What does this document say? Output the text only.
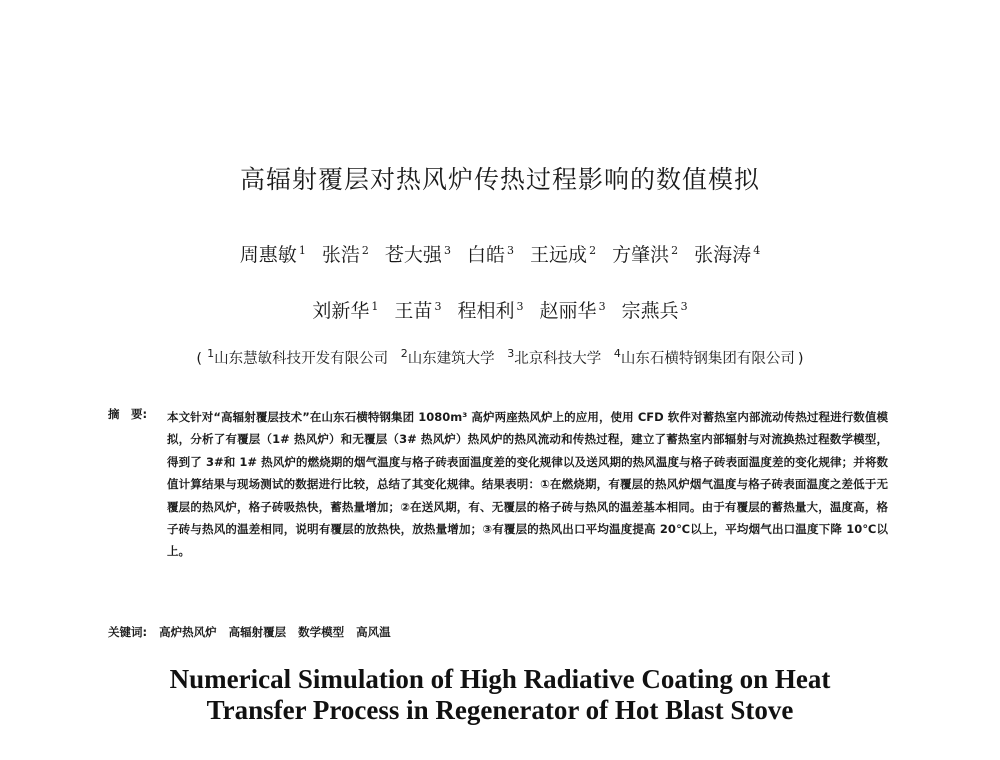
高辐射覆层对热风炉传热过程影响的数值模拟
周惠敏 $^1$ 张浩 $^2$ 苍大强 $^3$ 白皓 $^3$ 王远成 $^2$ 方肇洪 $^2$ 张海涛 $^4$
刘新华 $^1$ 王苗 $^3$ 程相利 $^3$ 赵丽华 $^3$ 宗燕兵 $^3$
( $^1$山东慧敏科技开发有限公司 $^2$山东建筑大学 $^3$北京科技大学 $^4$山东石横特钢集团有限公司 )
摘　要: 本文针对“高辐射覆层技术”在山东石横特钢集团 1080m³ 高炉两座热风炉上的应用，使用 CFD 软件对蓄热室内部流动传热过程进行数值模拟，分析了有覆层（1# 热风炉）和无覆层（3# 热风炉）热风炉的热风流动和传热过程，建立了蓄热室内部辐射与对流换热过程数学模型，得到了 3#和 1# 热风炉的燃烧期的烟气温度与格子砖表面温度差的变化规律以及送风期的热风温度与格子砖表面温度差的变化规律；并将数值计算结果与现场测试的数据进行比较，总结了其变化规律。结果表明：①在燃烧期，有覆层的热风炉烟气温度与格子砖表面温度之差低于无覆层的热风炉，格子砖吸热快，蓄热量增加；②在送风期，有、无覆层的格子砖与热风的温差基本相同。由于有覆层的蓄热量大，温度高，格子砖与热风的温差相同，说明有覆层的放热快，放热量增加；③有覆层的热风出口平均温度提高 20℃以上，平均烟气出口温度下降 10℃以上。
关键词: 高炉热风炉 高辐射覆层 数学模型 高风温
Numerical Simulation of High Radiative Coating on Heat
Transfer Process in Regenerator of Hot Blast Stove
